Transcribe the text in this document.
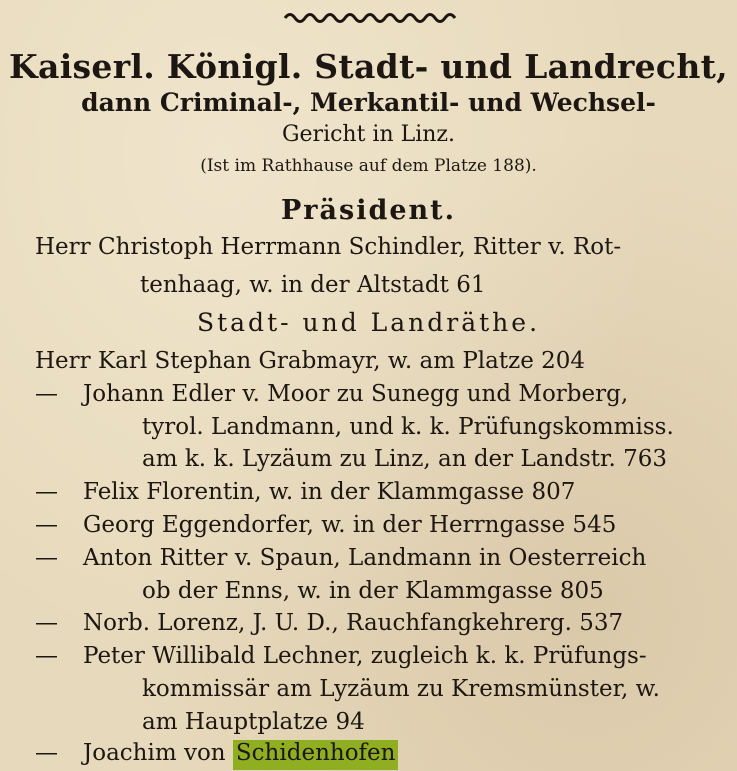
Kaiserl. Königl. Stadt- und Landrecht,
dann Criminal-, Merkantil- und Wechsel-
Gericht in Linz.
(Ist im Rathhause auf dem Platze 188).
Präsident.
Herr Christoph Herrmann Schindler, Ritter v. Rot-
tenhaag, w. in der Altstadt 61
Stadt- und Landräthe.
Herr Karl Stephan Grabmayr, w. am Platze 204
— Johann Edler v. Moor zu Sunegg und Morberg,
tyrol. Landmann, und k. k. Prüfungskommiss.
am k. k. Lyzäum zu Linz, an der Landstr. 763
— Felix Florentin, w. in der Klammgasse 807
— Georg Eggendorfer, w. in der Herrngasse 545
— Anton Ritter v. Spaun, Landmann in Oesterreich
ob der Enns, w. in der Klammgasse 805
— Norb. Lorenz, J. U. D., Rauchfangkehrerg. 537
— Peter Willibald Lechner, zugleich k. k. Prüfungs-
kommissär am Lyzäum zu Kremsmünster, w.
am Hauptplatze 94
— Joachim von Schidenhofen
